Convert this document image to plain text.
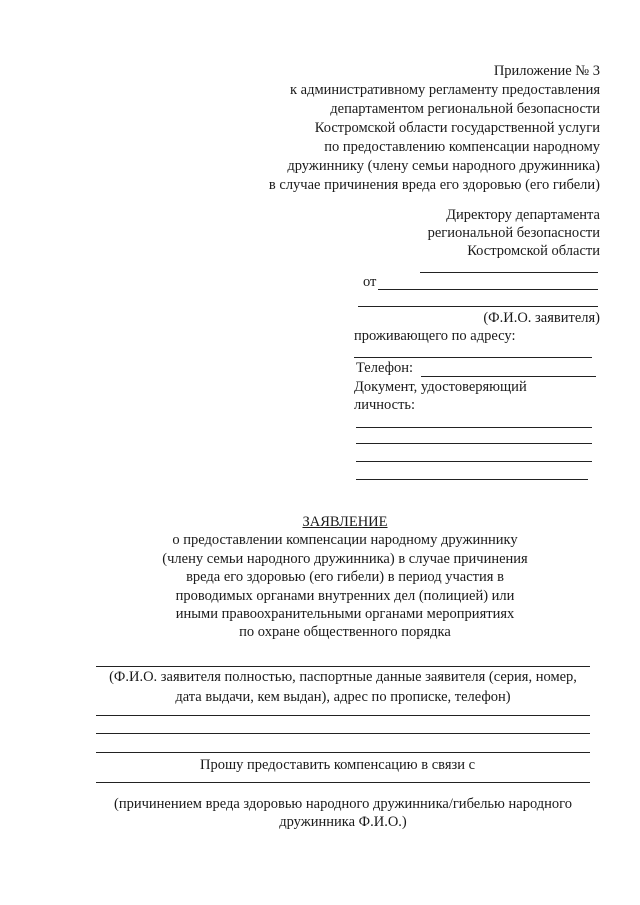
Приложение № 3
к административному регламенту предоставления
департаментом региональной безопасности
Костромской области государственной услуги
по предоставлению компенсации народному
дружиннику (члену семьи народного дружинника)
в случае причинения вреда его здоровью (его гибели)
Директору департамента
региональной безопасности
Костромской области
от
(Ф.И.О. заявителя)
проживающего по адресу:
Телефон:
Документ, удостоверяющий
личность:
ЗАЯВЛЕНИЕ
о предоставлении компенсации народному дружиннику
(члену семьи народного дружинника) в случае причинения
вреда его здоровью (его гибели) в период участия в
проводимых органами внутренних дел (полицией) или
иными правоохранительными органами мероприятиях
по охране общественного порядка
(Ф.И.О. заявителя полностью, паспортные данные заявителя (серия, номер,
дата выдачи, кем выдан), адрес по прописке, телефон)
Прошу предоставить компенсацию в связи с
(причинением вреда здоровью народного дружинника/гибелью народного
дружинника Ф.И.О.)
